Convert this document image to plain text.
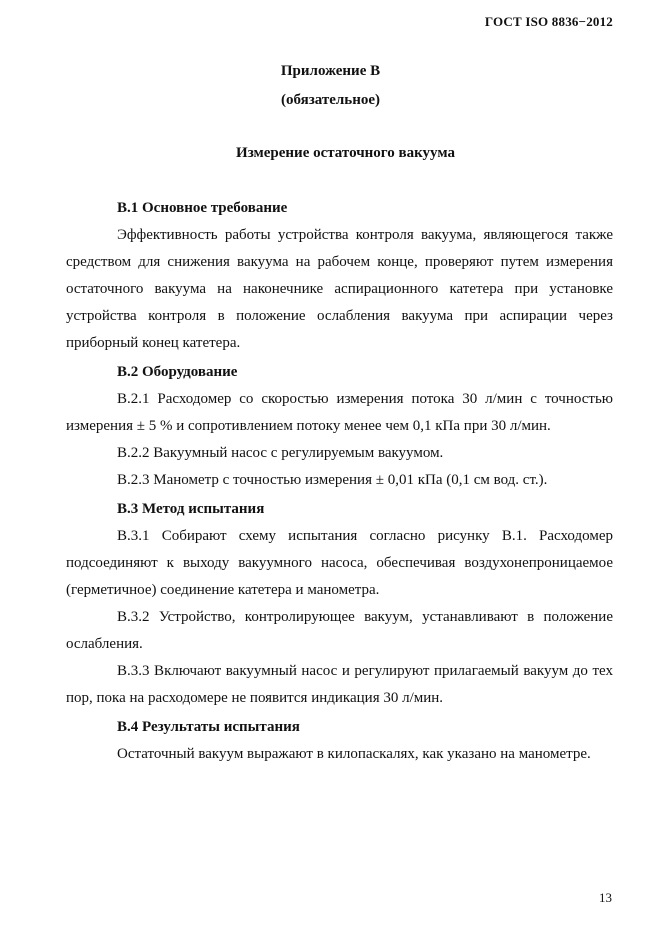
ГОСТ ISO 8836−2012
Приложение В
(обязательное)
Измерение остаточного вакуума

В.1 Основное требование

Эффективность работы устройства контроля вакуума, являющегося также средством для снижения вакуума на рабочем конце, проверяют путем измерения остаточного вакуума на наконечнике аспирационного катетера при установке устройства контроля в положение ослабления вакуума при аспирации через приборный конец катетера.

В.2 Оборудование

В.2.1 Расходомер со скоростью измерения потока 30 л/мин с точностью измерения ± 5 % и сопротивлением потоку менее чем 0,1 кПа при 30 л/мин.

В.2.2 Вакуумный насос с регулируемым вакуумом.

В.2.3 Манометр с точностью измерения ± 0,01 кПа (0,1 см вод. ст.).

В.3 Метод испытания

В.3.1 Собирают схему испытания согласно рисунку В.1. Расходомер подсоединяют к выходу вакуумного насоса, обеспечивая воздухонепроницаемое (герметичное) соединение катетера и манометра.

В.3.2 Устройство, контролирующее вакуум, устанавливают в положение ослабления.

В.3.3 Включают вакуумный насос и регулируют прилагаемый вакуум до тех пор, пока на расходомере не появится индикация 30 л/мин.

В.4 Результаты испытания

Остаточный вакуум выражают в килопаскалях, как указано на манометре.

13
